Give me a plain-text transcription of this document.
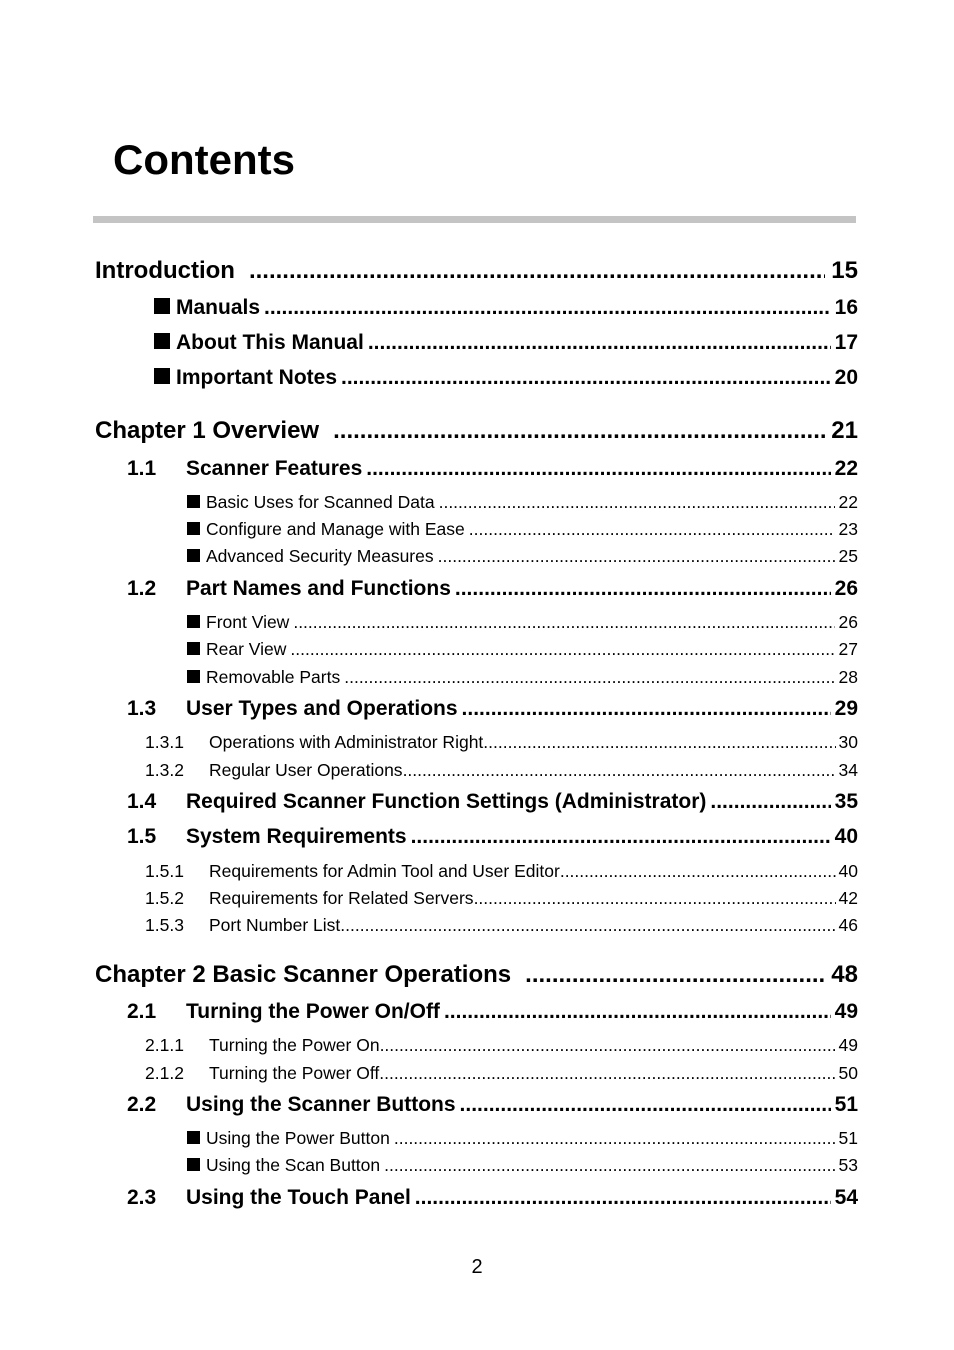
Contents
Introduction .....	15
Manuals .....	16
About This Manual .....	17
Important Notes .....	20
Chapter 1 Overview .....	21
1.1	Scanner Features .....	22
Basic Uses for Scanned Data .....	22
Configure and Manage with Ease .....	23
Advanced Security Measures .....	25
1.2	Part Names and Functions .....	26
Front View .....	26
Rear View .....	27
Removable Parts .....	28
1.3	User Types and Operations .....	29
1.3.1	Operations with Administrator Right .....	30
1.3.2	Regular User Operations .....	34
1.4	Required Scanner Function Settings (Administrator) .....	35
1.5	System Requirements .....	40
1.5.1	Requirements for Admin Tool and User Editor .....	40
1.5.2	Requirements for Related Servers .....	42
1.5.3	Port Number List .....	46
Chapter 2 Basic Scanner Operations .....	48
2.1	Turning the Power On/Off .....	49
2.1.1	Turning the Power On .....	49
2.1.2	Turning the Power Off .....	50
2.2	Using the Scanner Buttons .....	51
Using the Power Button .....	51
Using the Scan Button .....	53
2.3	Using the Touch Panel .....	54
2
